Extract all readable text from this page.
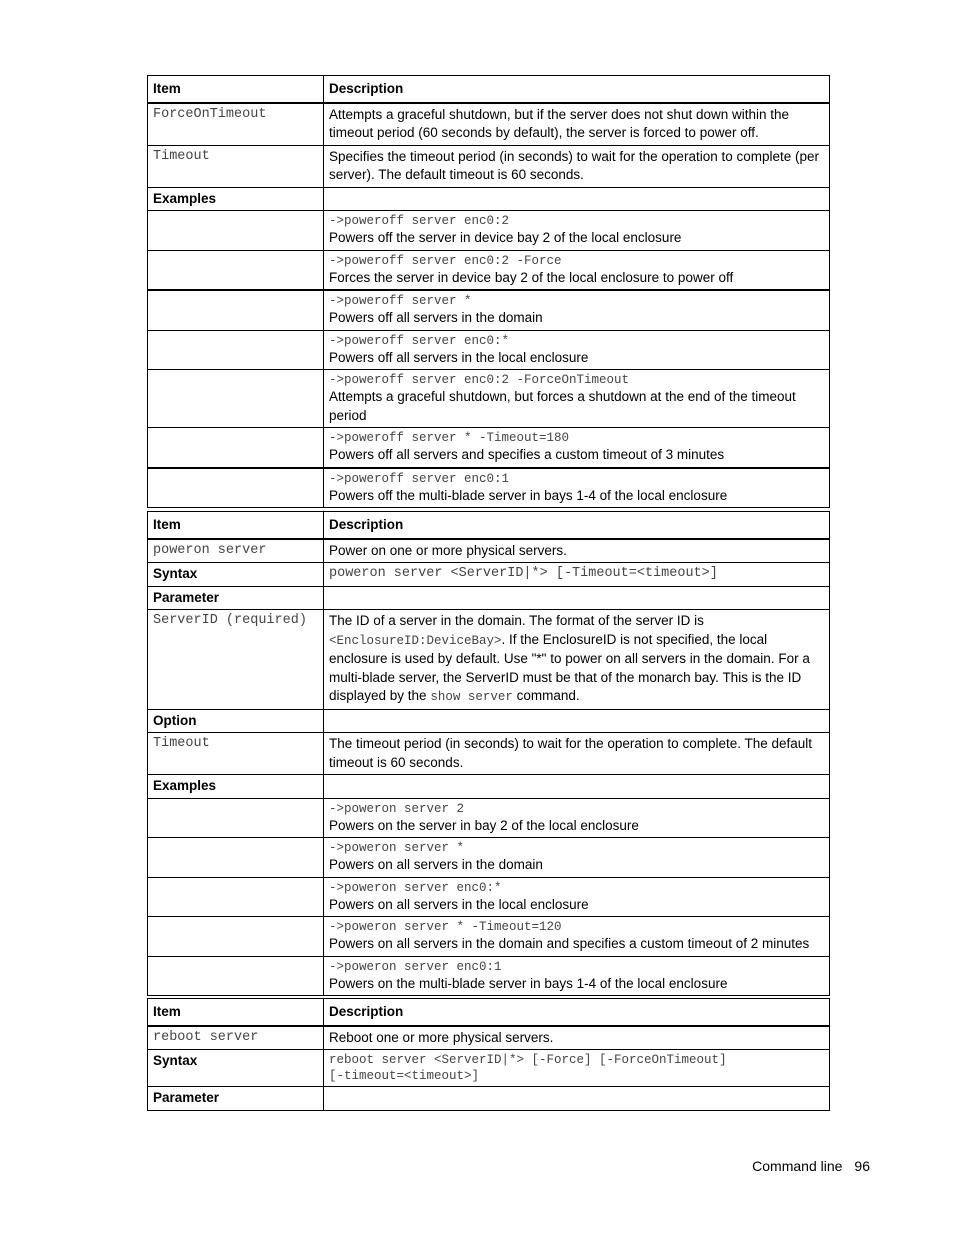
Item	Description
ForceOnTimeout	Attempts a graceful shutdown, but if the server does not shut down within the timeout period (60 seconds by default), the server is forced to power off.
Timeout	Specifies the timeout period (in seconds) to wait for the operation to complete (per server). The default timeout is 60 seconds.
Examples	

	->poweroff server enc0:2
Powers off the server in device bay 2 of the local enclosure

	->poweroff server enc0:2 -Force
Forces the server in device bay 2 of the local enclosure to power off

	->poweroff server *
Powers off all servers in the domain

	->poweroff server enc0:*
Powers off all servers in the local enclosure

	->poweroff server enc0:2 -ForceOnTimeout
Attempts a graceful shutdown, but forces a shutdown at the end of the timeout period

	->poweroff server * -Timeout=180
Powers off all servers and specifies a custom timeout of 3 minutes

	->poweroff server enc0:1
Powers off the multi-blade server in bays 1-4 of the local enclosure
Item	Description
poweron server	Power on one or more physical servers.
Syntax	poweron server <ServerID|*> [-Timeout=<timeout>]
Parameter	
ServerID (required)	The ID of a server in the domain. The format of the server ID is <EnclosureID:DeviceBay>. If the EnclosureID is not specified, the local enclosure is used by default. Use "*" to power on all servers in the domain. For a multi-blade server, the ServerID must be that of the monarch bay. This is the ID displayed by the show server command.
Option	
Timeout	The timeout period (in seconds) to wait for the operation to complete. The default timeout is 60 seconds.
Examples	

	->poweron server 2
Powers on the server in bay 2 of the local enclosure

	->poweron server *
Powers on all servers in the domain

	->poweron server enc0:*
Powers on all servers in the local enclosure

	->poweron server * -Timeout=120
Powers on all servers in the domain and specifies a custom timeout of 2 minutes

	->poweron server enc0:1
Powers on the multi-blade server in bays 1-4 of the local enclosure
Item	Description
reboot server	Reboot one or more physical servers.
Syntax	reboot server <ServerID|*> [-Force] [-ForceOnTimeout]
[-timeout=<timeout>]

Parameter	
Command line 96
